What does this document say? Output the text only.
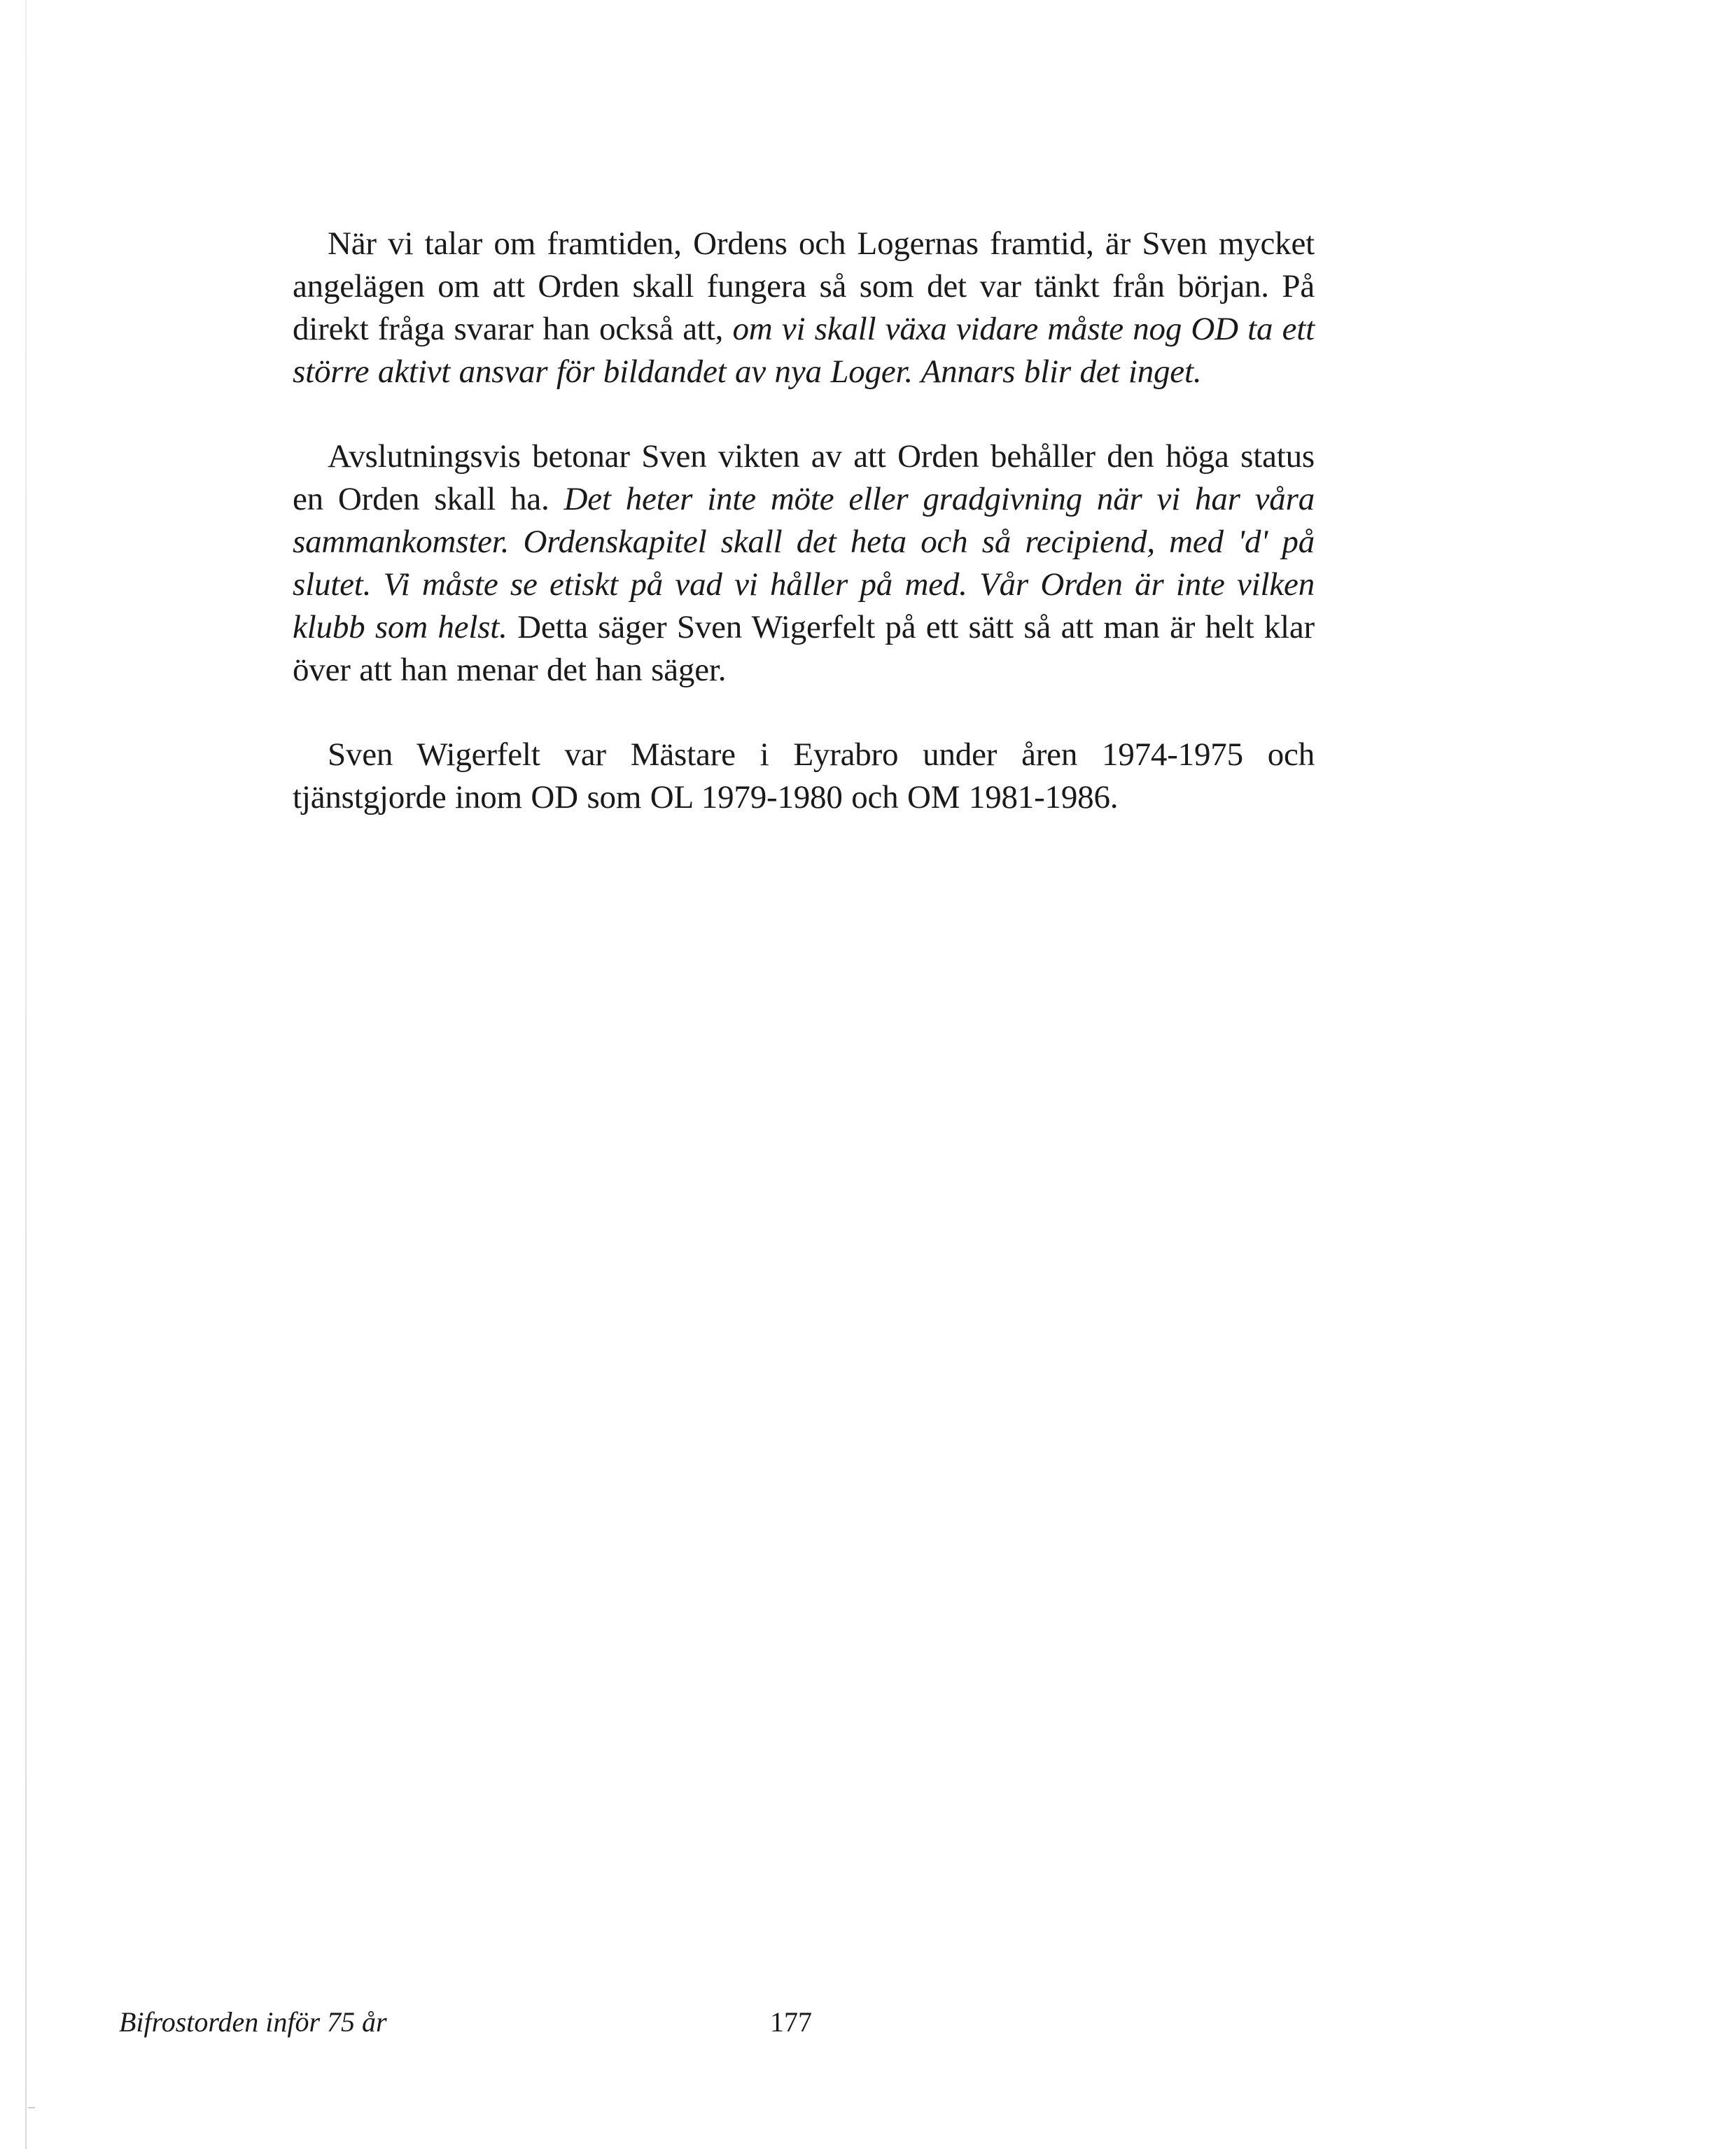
När vi talar om framtiden, Ordens och Logernas framtid, är Sven mycket angelägen om att Orden skall fungera så som det var tänkt från början. På direkt fråga svarar han också att, om vi skall växa vidare måste nog OD ta ett större aktivt ansvar för bildandet av nya Loger. Annars blir det inget.

Avslutningsvis betonar Sven vikten av att Orden behåller den höga status en Orden skall ha. Det heter inte möte eller gradgivning när vi har våra sammankomster. Ordenskapitel skall det heta och så recipiend, med 'd' på slutet. Vi måste se etiskt på vad vi håller på med. Vår Orden är inte vilken klubb som helst. Detta säger Sven Wigerfelt på ett sätt så att man är helt klar över att han menar det han säger.

Sven Wigerfelt var Mästare i Eyrabro under åren 1974-1975 och tjänstgjorde inom OD som OL 1979-1980 och OM 1981-1986.

Bifrostorden inför 75 år	177
